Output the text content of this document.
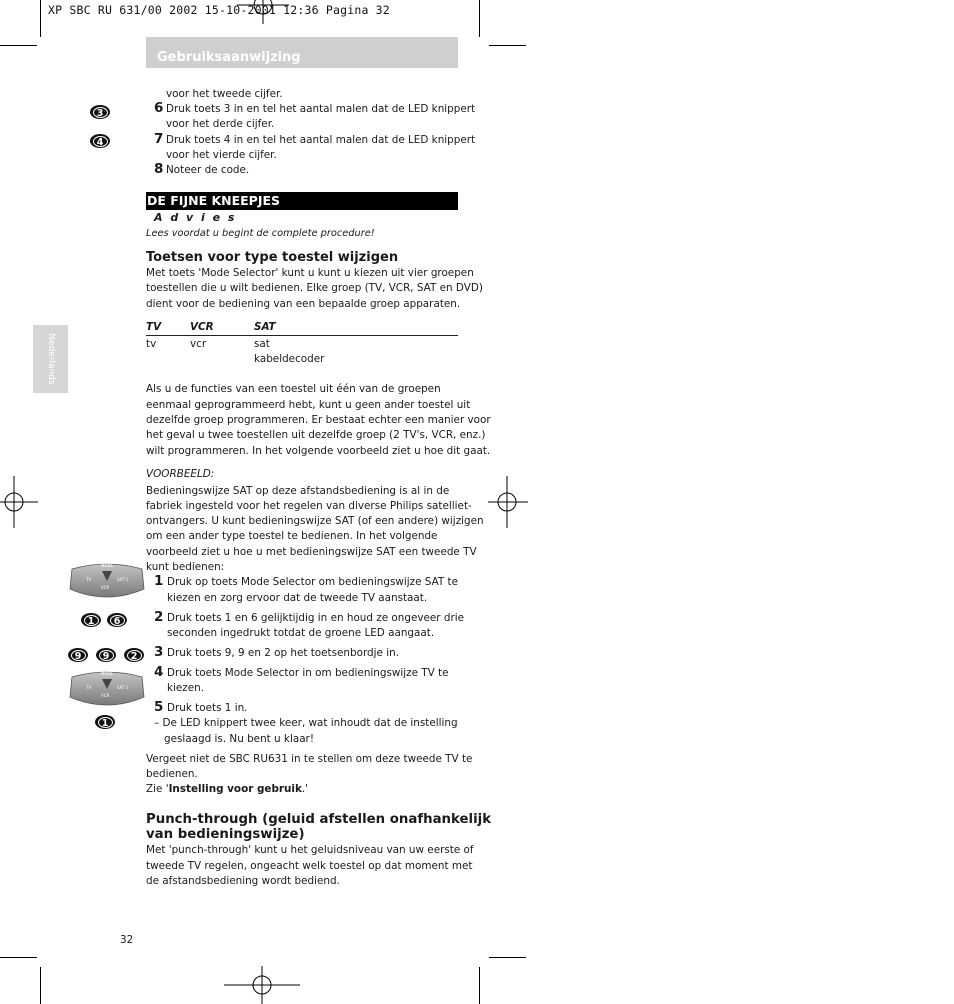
XP SBC RU 631/00 2002 15-10-2001 12:36 Pagina 32
Gebruiksaanwijzing
Nederlands
voor het tweede cijfer.
6 Druk toets 3 in en tel het aantal malen dat de LED knippert
voor het derde cijfer.
7 Druk toets 4 in en tel het aantal malen dat de LED knippert
voor het vierde cijfer.
8 Noteer de code.
3
4
DE FIJNE KNEEPJES
A d v i e s
Lees voordat u begint de complete procedure!
Toetsen voor type toestel wijzigen
Met toets 'Mode Selector' kunt u kunt u kiezen uit vier groepen
toestellen die u wilt bedienen. Elke groep (TV, VCR, SAT en DVD)
dient voor de bediening van een bepaalde groep apparaten.
TV	VCR	SAT
tv	vcr	sat
kabeldecoder
Als u de functies van een toestel uit één van de groepen
eenmaal geprogrammeerd hebt, kunt u geen ander toestel uit
dezelfde groep programmeren. Er bestaat echter een manier voor
het geval u twee toestellen uit dezelfde groep (2 TV's, VCR, enz.)
wilt programmeren. In het volgende voorbeeld ziet u hoe dit gaat.
VOORBEELD:
Bedieningswijze SAT op deze afstandsbediening is al in de
fabriek ingesteld voor het regelen van diverse Philips satelliet-
ontvangers. U kunt bedieningswijze SAT (of een andere) wijzigen
om een ander type toestel te bedienen. In het volgende
voorbeeld ziet u hoe u met bedieningswijze SAT een tweede TV
kunt bedienen:
1 Druk op toets Mode Selector om bedieningswijze SAT te
kiezen en zorg ervoor dat de tweede TV aanstaat.
2 Druk toets 1 en 6 gelijktijdig in en houd ze ongeveer drie
seconden ingedrukt totdat de groene LED aangaat.
3 Druk toets 9, 9 en 2 op het toetsenbordje in.
4 Druk toets Mode Selector in om bedieningswijze TV te
kiezen.
5 Druk toets 1 in.
– De LED knippert twee keer, wat inhoudt dat de instelling
geslaagd is. Nu bent u klaar!
Vergeet niet de SBC RU631 in te stellen om deze tweede TV te
bedienen.
Zie 'Instelling voor gebruik.'
Punch-through (geluid afstellen onafhankelijk
van bedieningswijze)
Met 'punch-through' kunt u het geluidsniveau van uw eerste of
tweede TV regelen, ongeacht welk toestel op dat moment met
de afstandsbediening wordt bediend.
MODE
TV	SAT 1
VCR
MODE
TV	SAT 1
VCR
1	6
9	9	2
1
32
